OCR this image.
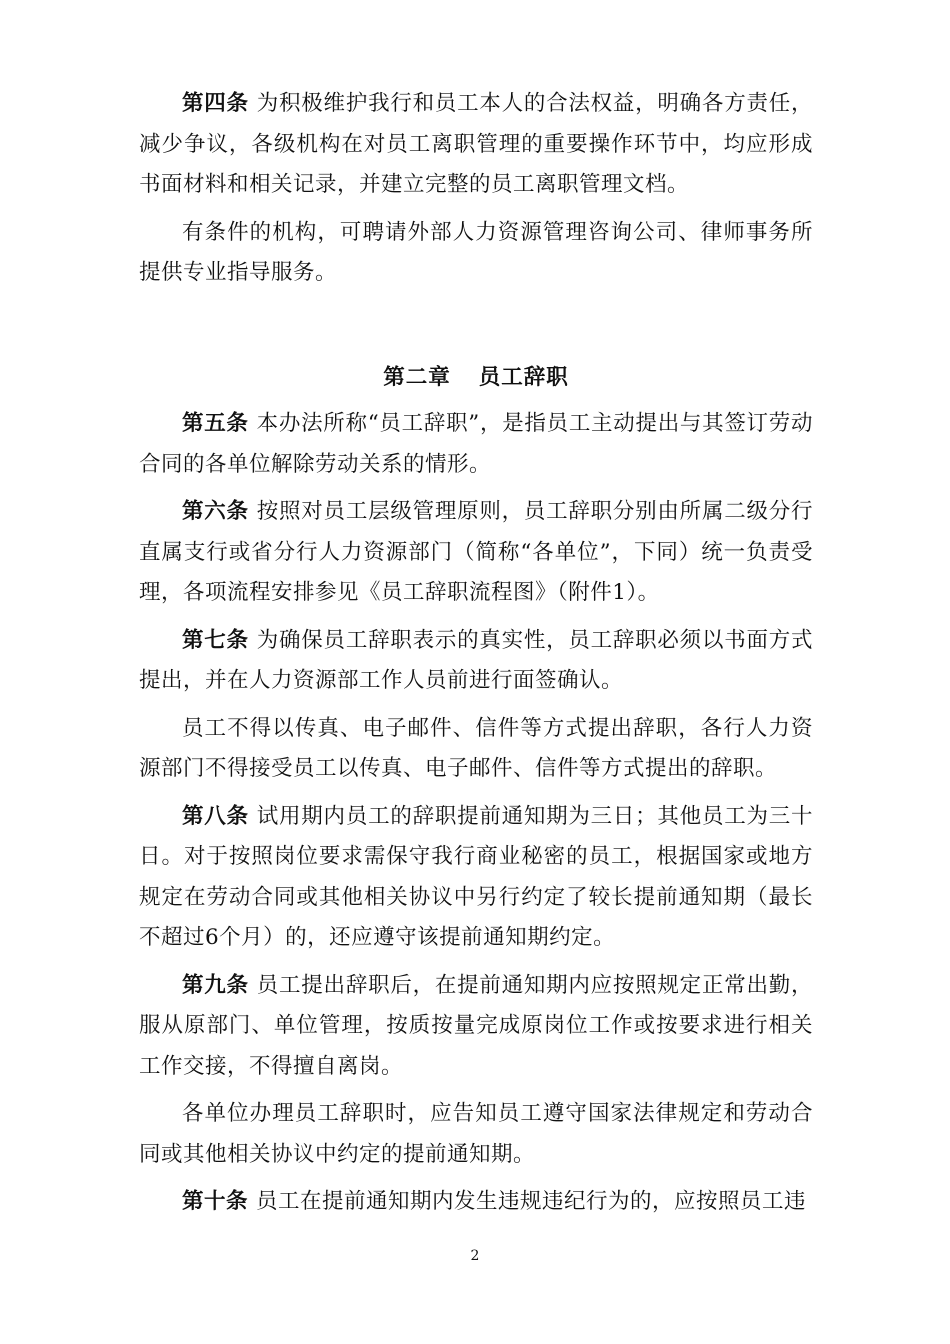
第四条 为积极维护我行和员工本人的合法权益，明确各方责任，减少争议，各级机构在对员工离职管理的重要操作环节中，均应形成书面材料和相关记录，并建立完整的员工离职管理文档。

有条件的机构，可聘请外部人力资源管理咨询公司、律师事务所提供专业指导服务。

第二章 员工辞职

第五条 本办法所称“员工辞职”，是指员工主动提出与其签订劳动合同的各单位解除劳动关系的情形。

第六条 按照对员工层级管理原则，员工辞职分别由所属二级分行直属支行或省分行人力资源部门（简称“各单位”，下同）统一负责受理，各项流程安排参见《员工辞职流程图》（附件1）。

第七条 为确保员工辞职表示的真实性，员工辞职必须以书面方式提出，并在人力资源部工作人员前进行面签确认。

员工不得以传真、电子邮件、信件等方式提出辞职，各行人力资源部门不得接受员工以传真、电子邮件、信件等方式提出的辞职。

第八条 试用期内员工的辞职提前通知期为三日；其他员工为三十日。对于按照岗位要求需保守我行商业秘密的员工，根据国家或地方规定在劳动合同或其他相关协议中另行约定了较长提前通知期（最长不超过6个月）的，还应遵守该提前通知期约定。

第九条 员工提出辞职后，在提前通知期内应按照规定正常出勤，服从原部门、单位管理，按质按量完成原岗位工作或按要求进行相关工作交接，不得擅自离岗。

各单位办理员工辞职时，应告知员工遵守国家法律规定和劳动合同或其他相关协议中约定的提前通知期。

第十条 员工在提前通知期内发生违规违纪行为的，应按照员工违

2
